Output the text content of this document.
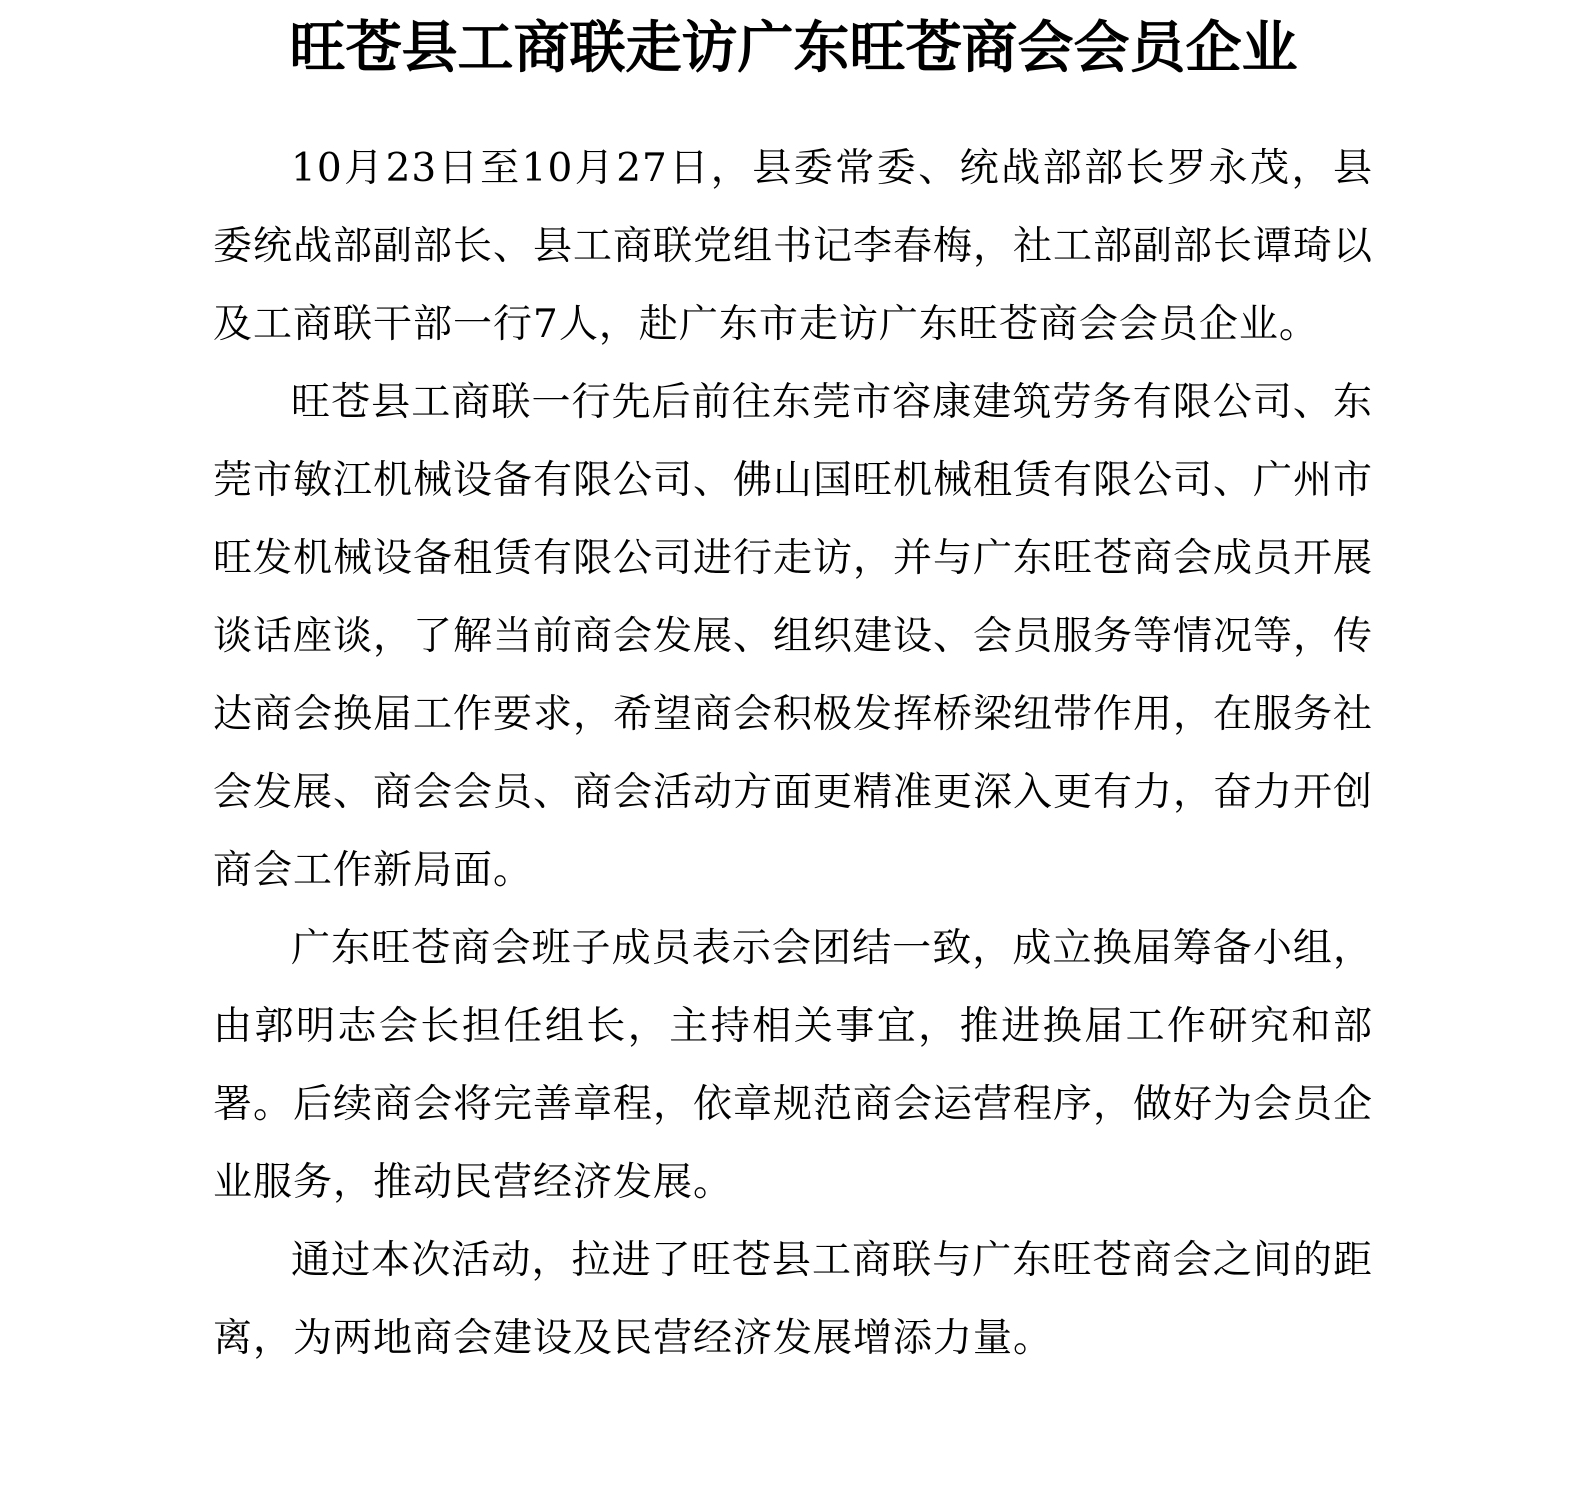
旺苍县工商联走访广东旺苍商会会员企业

10月23日至10月27日，县委常委、统战部部长罗永茂，县委统战部副部长、县工商联党组书记李春梅，社工部副部长谭琦以及工商联干部一行7人，赴广东市走访广东旺苍商会会员企业。

旺苍县工商联一行先后前往东莞市容康建筑劳务有限公司、东莞市敏江机械设备有限公司、佛山国旺机械租赁有限公司、广州市旺发机械设备租赁有限公司进行走访，并与广东旺苍商会成员开展谈话座谈，了解当前商会发展、组织建设、会员服务等情况等，传达商会换届工作要求，希望商会积极发挥桥梁纽带作用，在服务社会发展、商会会员、商会活动方面更精准更深入更有力，奋力开创商会工作新局面。

广东旺苍商会班子成员表示会团结一致，成立换届筹备小组，由郭明志会长担任组长，主持相关事宜，推进换届工作研究和部署。后续商会将完善章程，依章规范商会运营程序，做好为会员企业服务，推动民营经济发展。

通过本次活动，拉进了旺苍县工商联与广东旺苍商会之间的距离，为两地商会建设及民营经济发展增添力量。
